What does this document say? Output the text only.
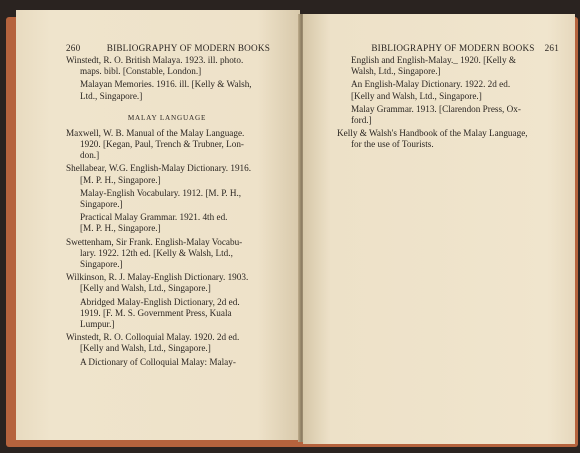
260	BIBLIOGRAPHY OF MODERN BOOKS
Winstedt, R. O. British Malaya. 1923. ill. photo.
maps. bibl. [Constable, London.]
Malayan Memories. 1916. ill. [Kelly & Walsh,
Ltd., Singapore.]
MALAY LANGUAGE
Maxwell, W. B. Manual of the Malay Language.
1920. [Kegan, Paul, Trench & Trubner, Lon-
don.]
Shellabear, W.G. English-Malay Dictionary. 1916.
[M. P. H., Singapore.]
Malay-English Vocabulary. 1912. [M. P. H.,
Singapore.]
Practical Malay Grammar. 1921. 4th ed.
[M. P. H., Singapore.]
Swettenham, Sir Frank. English-Malay Vocabu-
lary. 1922. 12th ed. [Kelly & Walsh, Ltd.,
Singapore.]
Wilkinson, R. J. Malay-English Dictionary. 1903.
[Kelly and Walsh, Ltd., Singapore.]
Abridged Malay-English Dictionary, 2d ed.
1919. [F. M. S. Government Press, Kuala
Lumpur.]
Winstedt, R. O. Colloquial Malay. 1920. 2d ed.
[Kelly and Walsh, Ltd., Singapore.]
A Dictionary of Colloquial Malay: Malay-
BIBLIOGRAPHY OF MODERN BOOKS 261
English and English-Malay._ 1920. [Kelly &
Walsh, Ltd., Singapore.]
An English-Malay Dictionary. 1922. 2d ed.
[Kelly and Walsh, Ltd., Singapore.]
Malay Grammar. 1913. [Clarendon Press, Ox-
ford.]
Kelly & Walsh's Handbook of the Malay Language,
for the use of Tourists.
